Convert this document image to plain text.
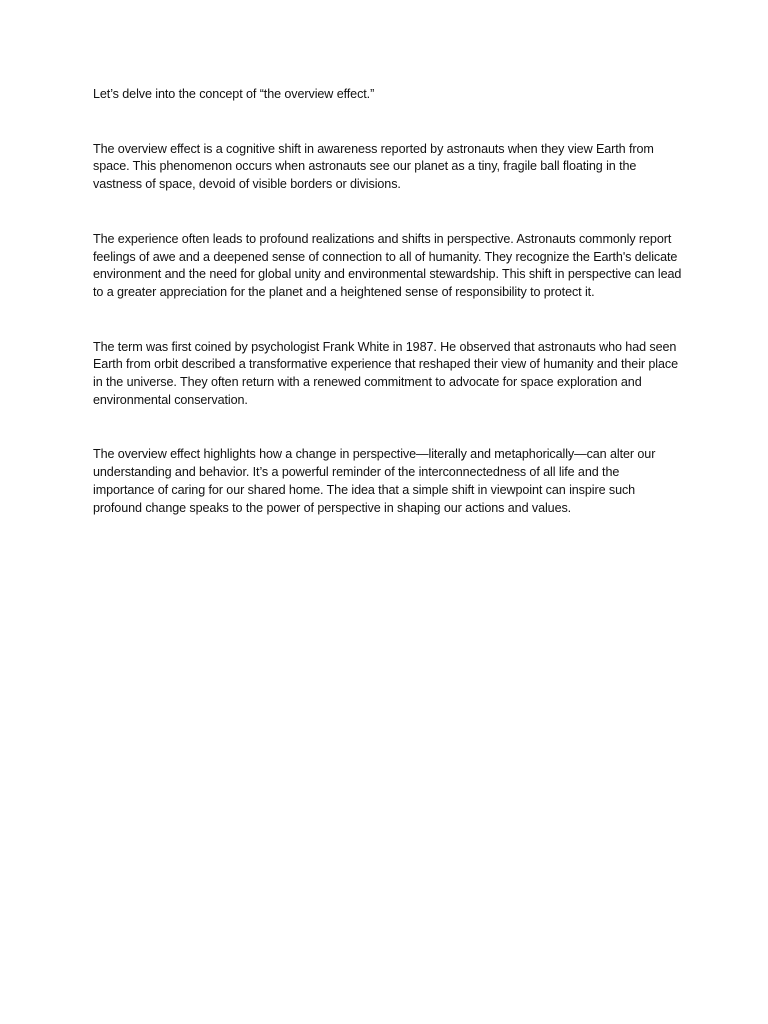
Let’s delve into the concept of “the overview effect.”

The overview effect is a cognitive shift in awareness reported by astronauts when they view Earth from space. This phenomenon occurs when astronauts see our planet as a tiny, fragile ball floating in the vastness of space, devoid of visible borders or divisions.

The experience often leads to profound realizations and shifts in perspective. Astronauts commonly report feelings of awe and a deepened sense of connection to all of humanity. They recognize the Earth's delicate environment and the need for global unity and environmental stewardship. This shift in perspective can lead to a greater appreciation for the planet and a heightened sense of responsibility to protect it.

The term was first coined by psychologist Frank White in 1987. He observed that astronauts who had seen Earth from orbit described a transformative experience that reshaped their view of humanity and their place in the universe. They often return with a renewed commitment to advocate for space exploration and environmental conservation.

The overview effect highlights how a change in perspective—literally and metaphorically—can alter our understanding and behavior. It’s a powerful reminder of the interconnectedness of all life and the importance of caring for our shared home. The idea that a simple shift in viewpoint can inspire such profound change speaks to the power of perspective in shaping our actions and values.
